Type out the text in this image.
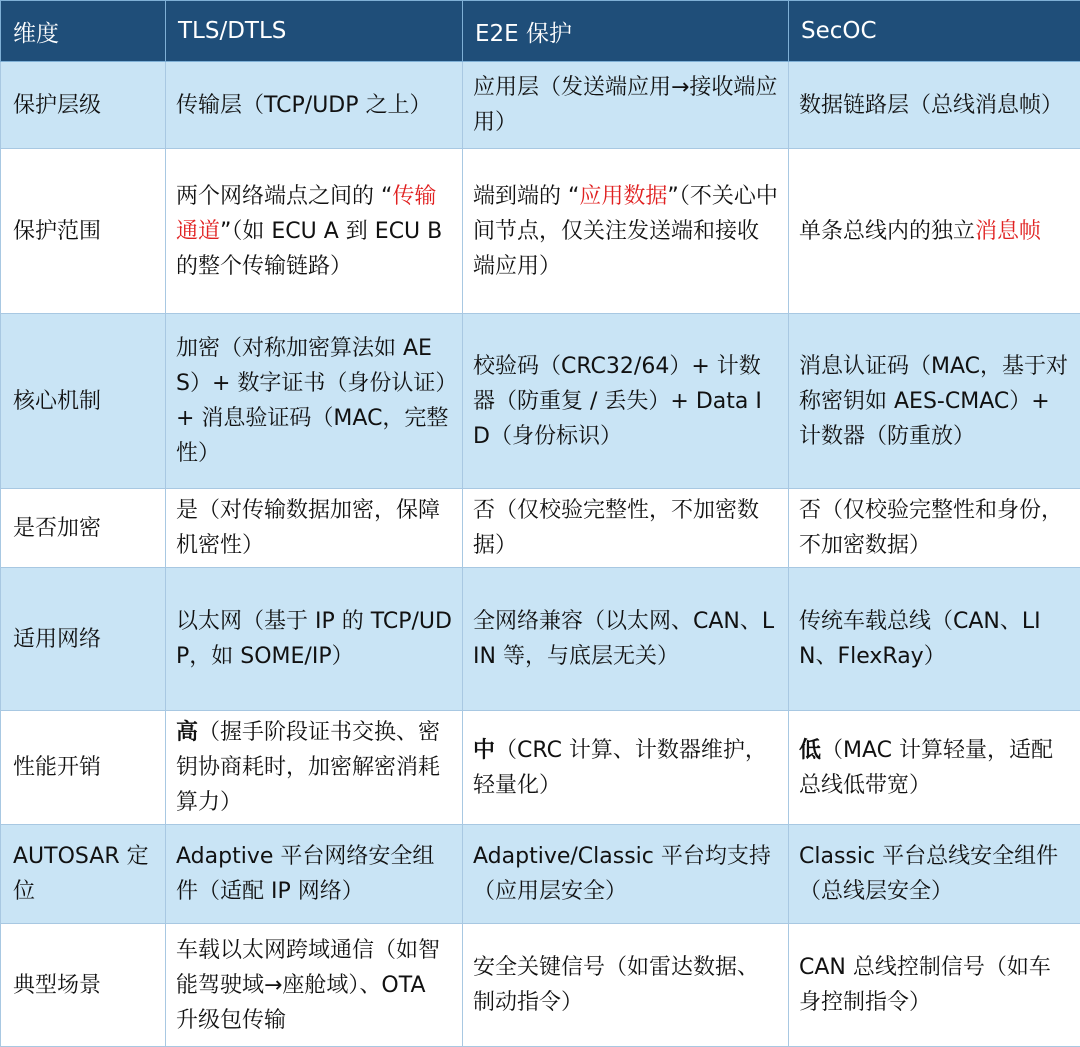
维度	TLS/DTLS	E2E 保护	SecOC
保护层级	传输层（TCP/UDP 之上）	应用层（发送端应用→接收端应用）	数据链路层（总线消息帧）
保护范围	两个网络端点之间的 “传输通道”（如 ECU A 到 ECU B 的整个传输链路）	端到端的 “应用数据”（不关心中间节点，仅关注发送端和接收端应用）	单条总线内的独立消息帧
核心机制	加密（对称加密算法如 AES）+ 数字证书（身份认证）+ 消息验证码（MAC，完整性）	校验码（CRC32/64）+ 计数器（防重复 / 丢失）+ Data ID（身份标识）	消息认证码（MAC，基于对称密钥如 AES-CMAC）+ 计数器（防重放）
是否加密	是（对传输数据加密，保障机密性）	否（仅校验完整性，不加密数据）	否（仅校验完整性和身份，不加密数据）
适用网络	以太网（基于 IP 的 TCP/UDP，如 SOME/IP）	全网络兼容（以太网、CAN、LIN 等，与底层无关）	传统车载总线（CAN、LIN、FlexRay）
性能开销	高（握手阶段证书交换、密钥协商耗时，加密解密消耗算力）	中（CRC 计算、计数器维护，轻量化）	低（MAC 计算轻量，适配总线低带宽）
AUTOSAR 定位	Adaptive 平台网络安全组件（适配 IP 网络）	Adaptive/Classic 平台均支持（应用层安全）	Classic 平台总线安全组件（总线层安全）
典型场景	车载以太网跨域通信（如智能驾驶域→座舱域）、OTA 升级包传输	安全关键信号（如雷达数据、制动指令）	CAN 总线控制信号（如车身控制指令）
